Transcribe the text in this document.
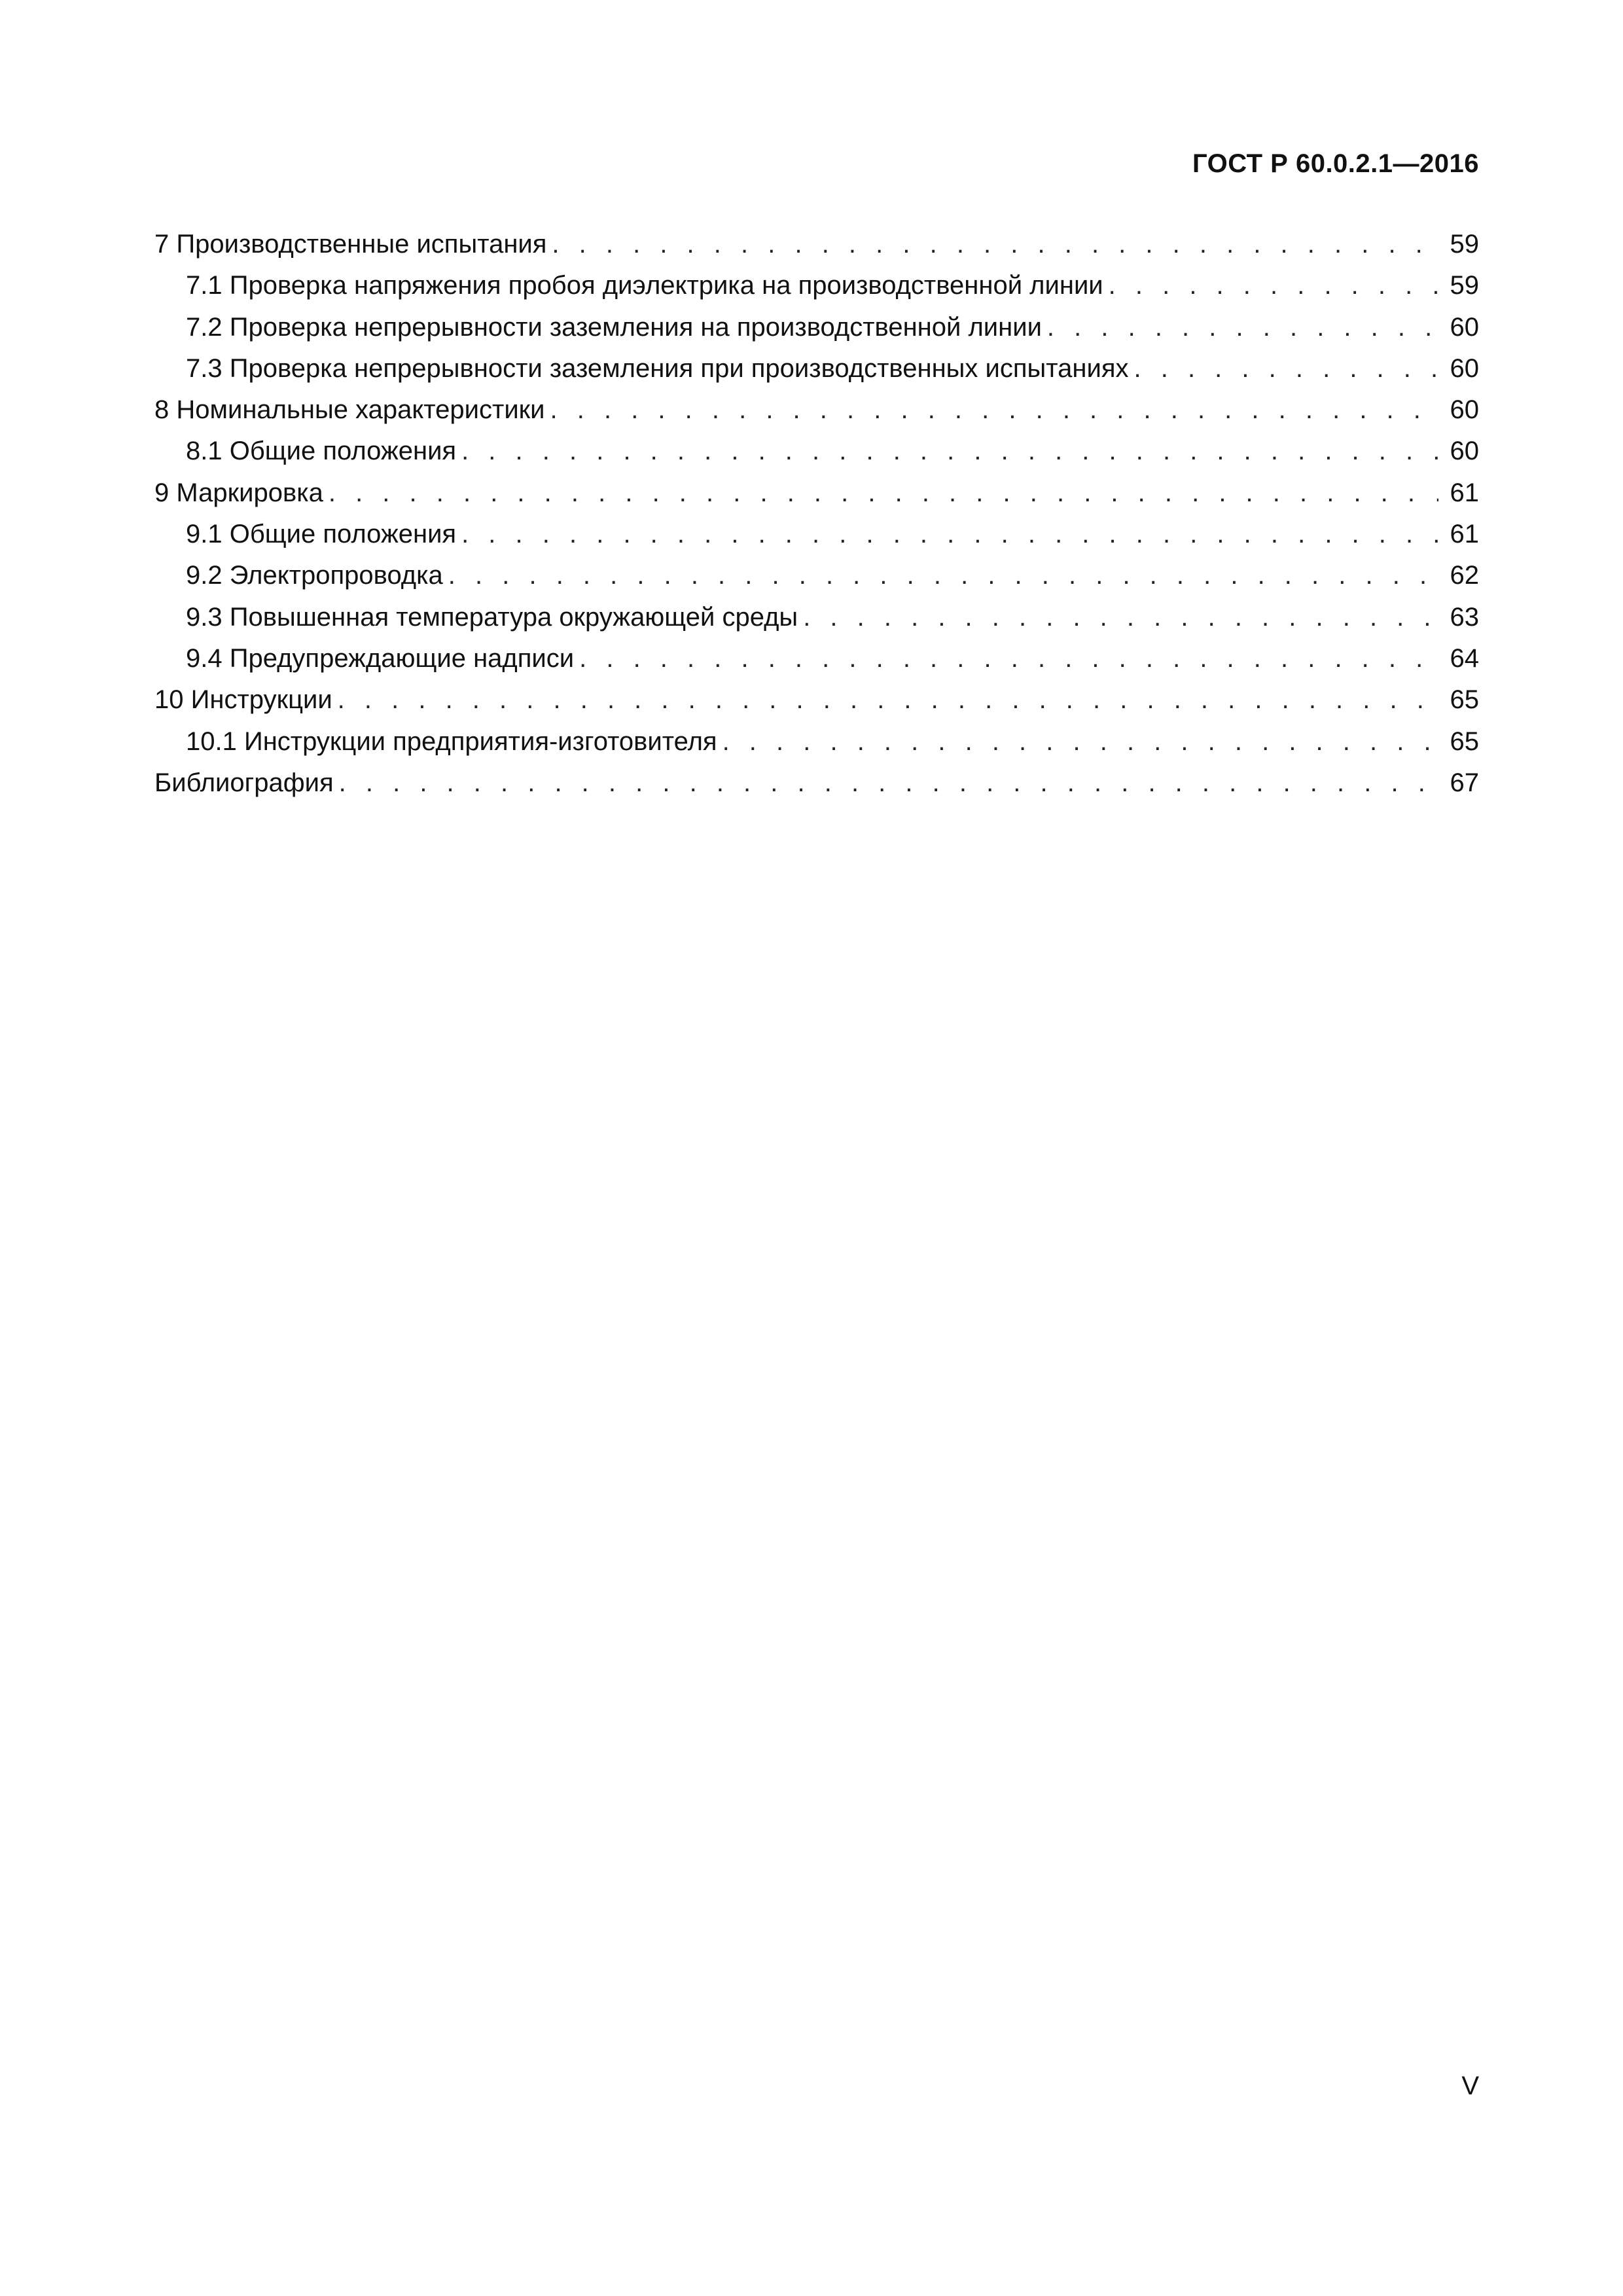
ГОСТ Р 60.0.2.1—2016
7 Производственные испытания . . .	59
7.1 Проверка напряжения пробоя диэлектрика на производственной линии . . .	59
7.2 Проверка непрерывности заземления на производственной линии . . .	60
7.3 Проверка непрерывности заземления при производственных испытаниях . . .	60
8 Номинальные характеристики . . .	60
8.1 Общие положения . . .	60
9 Маркировка . . .	61
9.1 Общие положения . . .	61
9.2 Электропроводка . . .	62
9.3 Повышенная температура окружающей среды . . .	63
9.4 Предупреждающие надписи . . .	64
10 Инструкции . . .	65
10.1 Инструкции предприятия-изготовителя . . .	65
Библиография . . .	67
V
